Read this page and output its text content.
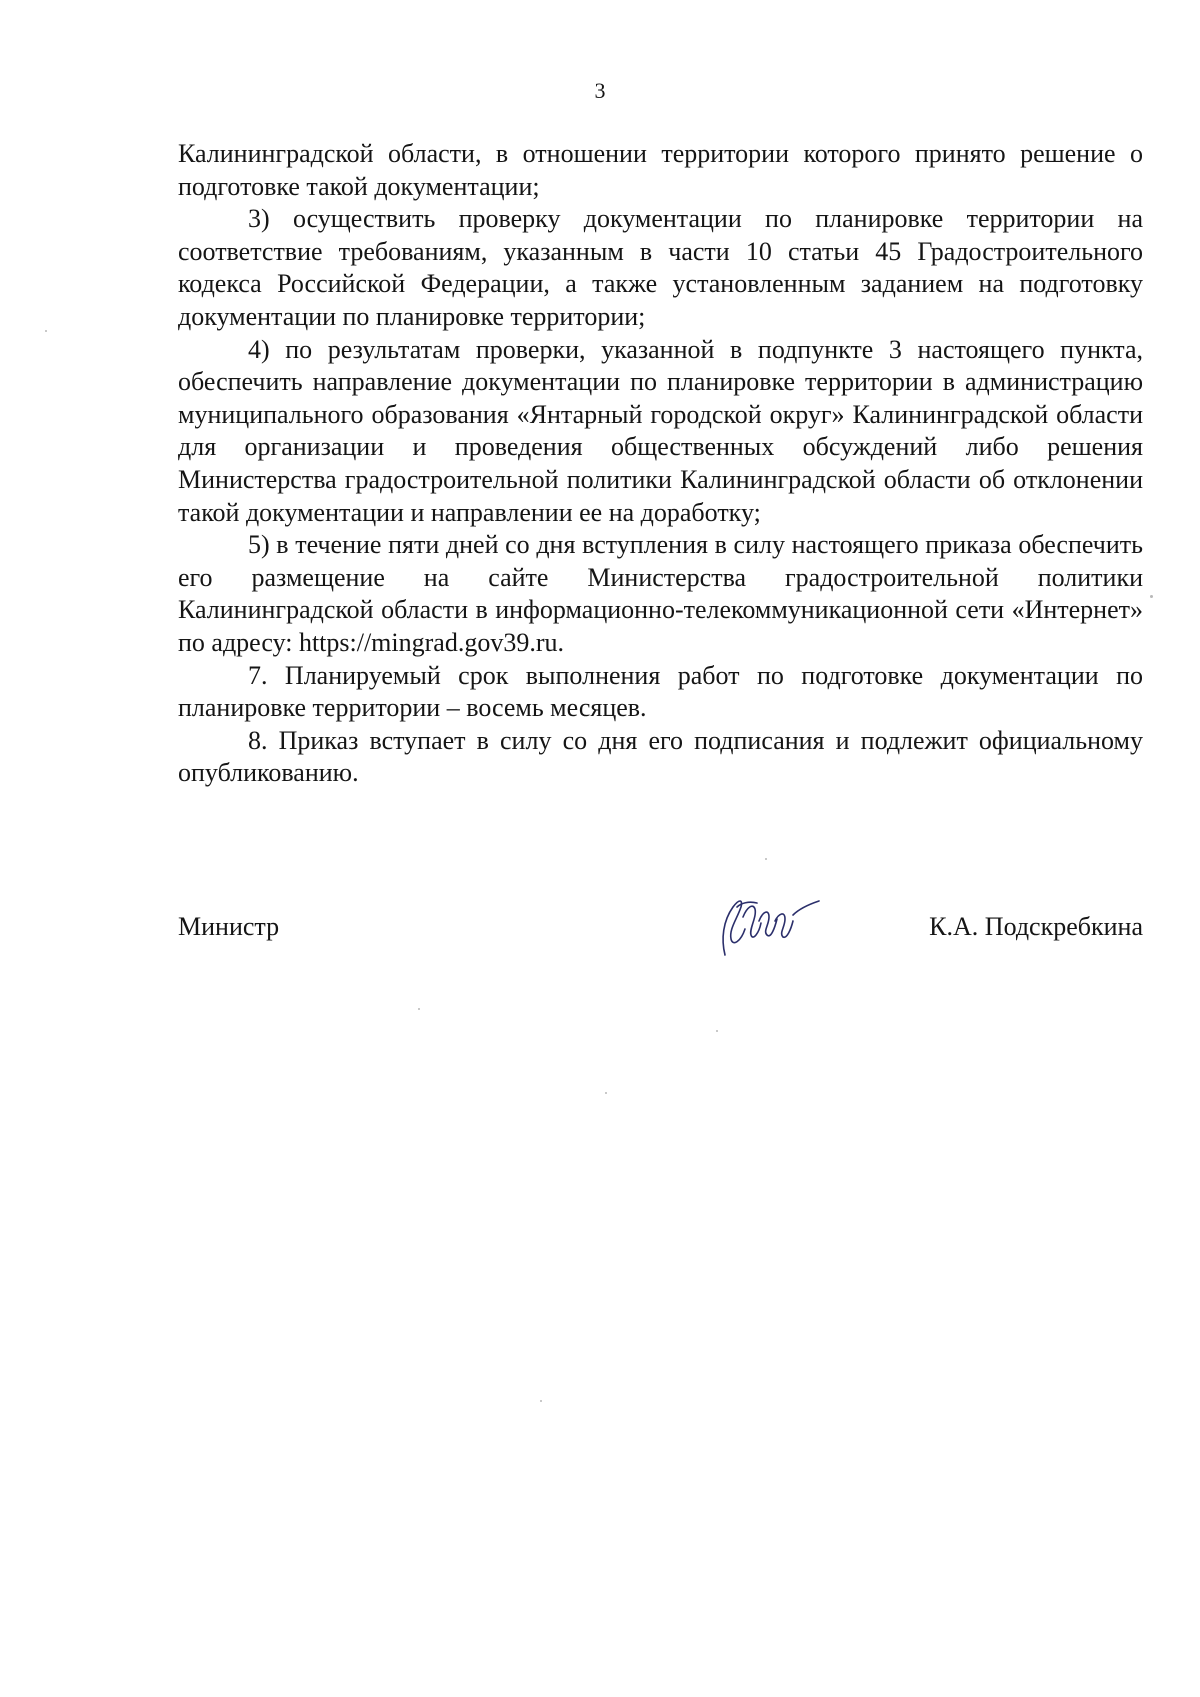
3

Калининградской области, в отношении территории которого принято решение о подготовке такой документации;

3) осуществить проверку документации по планировке территории на соответствие требованиям, указанным в части 10 статьи 45 Градостроительного кодекса Российской Федерации, а также установленным заданием на подготовку документации по планировке территории;

4) по результатам проверки, указанной в подпункте 3 настоящего пункта, обеспечить направление документации по планировке территории в администрацию муниципального образования «Янтарный городской округ» Калининградской области для организации и проведения общественных обсуждений либо решения Министерства градостроительной политики Калининградской области об отклонении такой документации и направлении ее на доработку;

5) в течение пяти дней со дня вступления в силу настоящего приказа обеспечить его размещение на сайте Министерства градостроительной политики Калининградской области в информационно-телекоммуникационной сети «Интернет» по адресу: https://mingrad.gov39.ru.

7. Планируемый срок выполнения работ по подготовке документации по планировке территории – восемь месяцев.

8. Приказ вступает в силу со дня его подписания и подлежит официальному опубликованию.

Министр	К.А. Подскребкина
